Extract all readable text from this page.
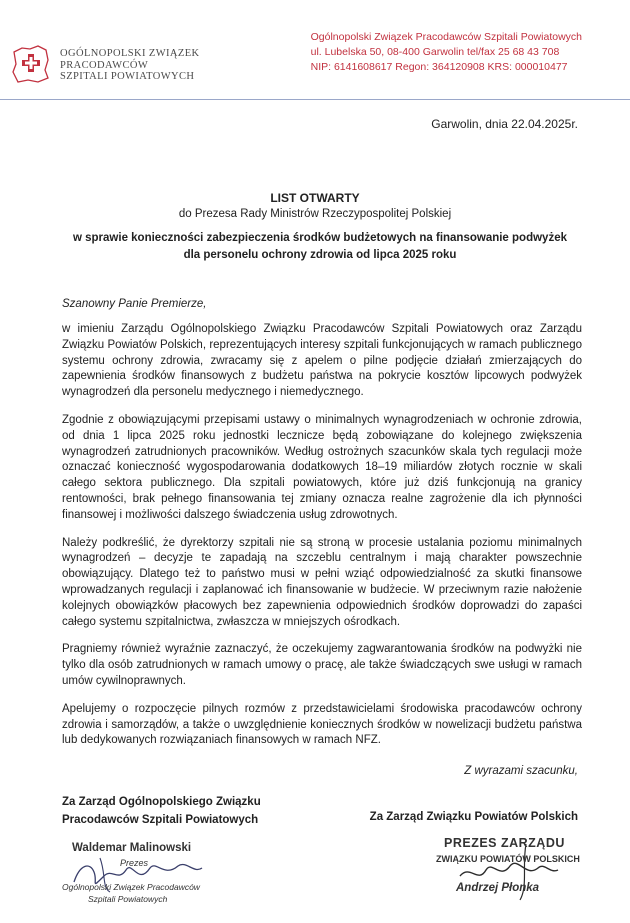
OGÓLNOPOLSKI ZWIĄZEK
PRACODAWCÓW
SZPITALI POWIATOWYCH
Ogólnopolski Związek Pracodawców Szpitali Powiatowych
ul. Lubelska 50, 08-400 Garwolin tel/fax 25 68 43 708
NIP: 6141608617 Regon: 364120908 KRS: 000010477
Garwolin, dnia 22.04.2025r.
LIST OTWARTY
do Prezesa Rady Ministrów Rzeczypospolitej Polskiej
w sprawie konieczności zabezpieczenia środków budżetowych na finansowanie podwyżek dla personelu ochrony zdrowia od lipca 2025 roku
Szanowny Panie Premierze,

w imieniu Zarządu Ogólnopolskiego Związku Pracodawców Szpitali Powiatowych oraz Zarządu Związku Powiatów Polskich, reprezentujących interesy szpitali funkcjonujących w ramach publicznego systemu ochrony zdrowia, zwracamy się z apelem o pilne podjęcie działań zmierzających do zapewnienia środków finansowych z budżetu państwa na pokrycie kosztów lipcowych podwyżek wynagrodzeń dla personelu medycznego i niemedycznego.

Zgodnie z obowiązującymi przepisami ustawy o minimalnych wynagrodzeniach w ochronie zdrowia, od dnia 1 lipca 2025 roku jednostki lecznicze będą zobowiązane do kolejnego zwiększenia wynagrodzeń zatrudnionych pracowników. Według ostrożnych szacunków skala tych regulacji może oznaczać konieczność wygospodarowania dodatkowych 18–19 miliardów złotych rocznie w skali całego sektora publicznego. Dla szpitali powiatowych, które już dziś funkcjonują na granicy rentowności, brak pełnego finansowania tej zmiany oznacza realne zagrożenie dla ich płynności finansowej i możliwości dalszego świadczenia usług zdrowotnych.

Należy podkreślić, że dyrektorzy szpitali nie są stroną w procesie ustalania poziomu minimalnych wynagrodzeń – decyzje te zapadają na szczeblu centralnym i mają charakter powszechnie obowiązujący. Dlatego też to państwo musi w pełni wziąć odpowiedzialność za skutki finansowe wprowadzanych regulacji i zaplanować ich finansowanie w budżecie. W przeciwnym razie nałożenie kolejnych obowiązków płacowych bez zapewnienia odpowiednich środków doprowadzi do zapaści całego systemu szpitalnictwa, zwłaszcza w mniejszych ośrodkach.

Pragniemy również wyraźnie zaznaczyć, że oczekujemy zagwarantowania środków na podwyżki nie tylko dla osób zatrudnionych w ramach umowy o pracę, ale także świadczących swe usługi w ramach umów cywilnoprawnych.

Apelujemy o rozpoczęcie pilnych rozmów z przedstawicielami środowiska pracodawców ochrony zdrowia i samorządów, a także o uwzględnienie koniecznych środków w nowelizacji budżetu państwa lub dedykowanych rozwiązaniach finansowych w ramach NFZ.

Z wyrazami szacunku,
Za Zarząd Ogólnopolskiego Związku
Pracodawców Szpitali Powiatowych	Za Zarząd Związku Powiatów Polskich
Waldemar Malinowski
Prezes
Ogólnopolski Związek Pracodawców
Szpitali Powiatowych
PREZES ZARZĄDU
ZWIĄZKU POWIATÓW POLSKICH
Andrzej Płonka
